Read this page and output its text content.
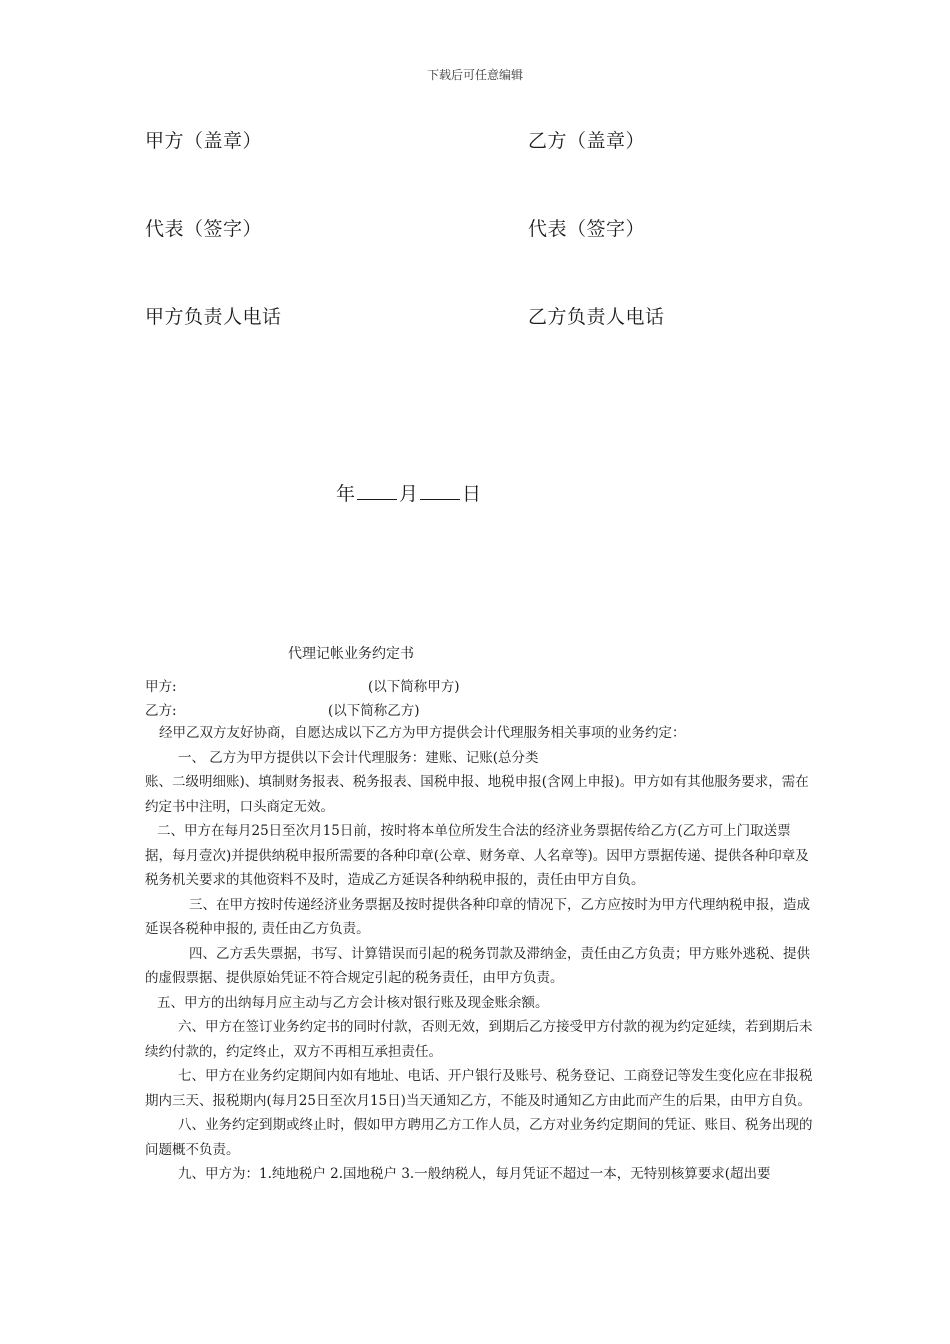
下载后可任意编辑
甲方（盖章）	乙方（盖章）
代表（签字）	代表（签字）
甲方负责人电话	乙方负责人电话
年 月 日
代理记帐业务约定书
甲方:	(以下简称甲方)
乙方:	(以下简称乙方)

经甲乙双方友好协商，自愿达成以下乙方为甲方提供会计代理服务相关事项的业务约定：

一、 乙方为甲方提供以下会计代理服务：建账、记账(总分类

账、二级明细账)、填制财务报表、税务报表、国税申报、地税申报(含网上申报)。甲方如有其他服务要求，需在约定书中注明，口头商定无效。

二、甲方在每月25日至次月15日前，按时将本单位所发生合法的经济业务票据传给乙方(乙方可上门取送票据，每月壹次)并提供纳税申报所需要的各种印章(公章、财务章、人名章等)。因甲方票据传递、提供各种印章及税务机关要求的其他资料不及时，造成乙方延误各种纳税申报的，责任由甲方自负。

三、在甲方按时传递经济业务票据及按时提供各种印章的情况下，乙方应按时为甲方代理纳税申报，造成延误各税种申报的, 责任由乙方负责。

四、乙方丢失票据，书写、计算错误而引起的税务罚款及滞纳金，责任由乙方负责；甲方账外逃税、提供的虚假票据、提供原始凭证不符合规定引起的税务责任，由甲方负责。

五、甲方的出纳每月应主动与乙方会计核对银行账及现金账余额。

六、甲方在签订业务约定书的同时付款，否则无效，到期后乙方接受甲方付款的视为约定延续，若到期后未续约付款的，约定终止，双方不再相互承担责任。

七、甲方在业务约定期间内如有地址、电话、开户银行及账号、税务登记、工商登记等发生变化应在非报税期内三天、报税期内(每月25日至次月15日)当天通知乙方，不能及时通知乙方由此而产生的后果，由甲方自负。

八、业务约定到期或终止时，假如甲方聘用乙方工作人员，乙方对业务约定期间的凭证、账目、税务出现的问题概不负责。

九、甲方为：1.纯地税户 2.国地税户 3.一般纳税人，每月凭证不超过一本，无特别核算要求(超出要
